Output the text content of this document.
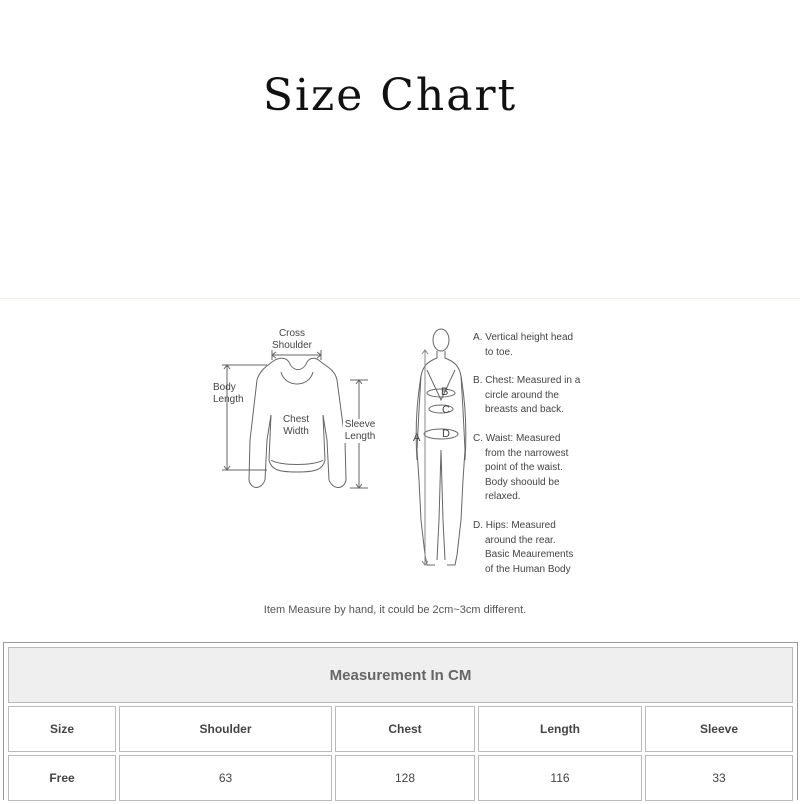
Size Chart
Cross
Shoulder
Body
Length
Chest
Width
Sleeve
Length	A
B
C
D
A. Vertical height head
to toe.
B. Chest: Measured in a
circle around the
breasts and back.
C. Waist: Measured
from the narrowest
point of the waist.
Body shoould be
relaxed.
D. Hips: Measured
around the rear.
Basic Meaurements
of the Human Body
Item Measure by hand, it could be 2cm~3cm different.
Measurement In CM				
Size	Shoulder	Chest	Length	Sleeve
Free	63	128	116	33
